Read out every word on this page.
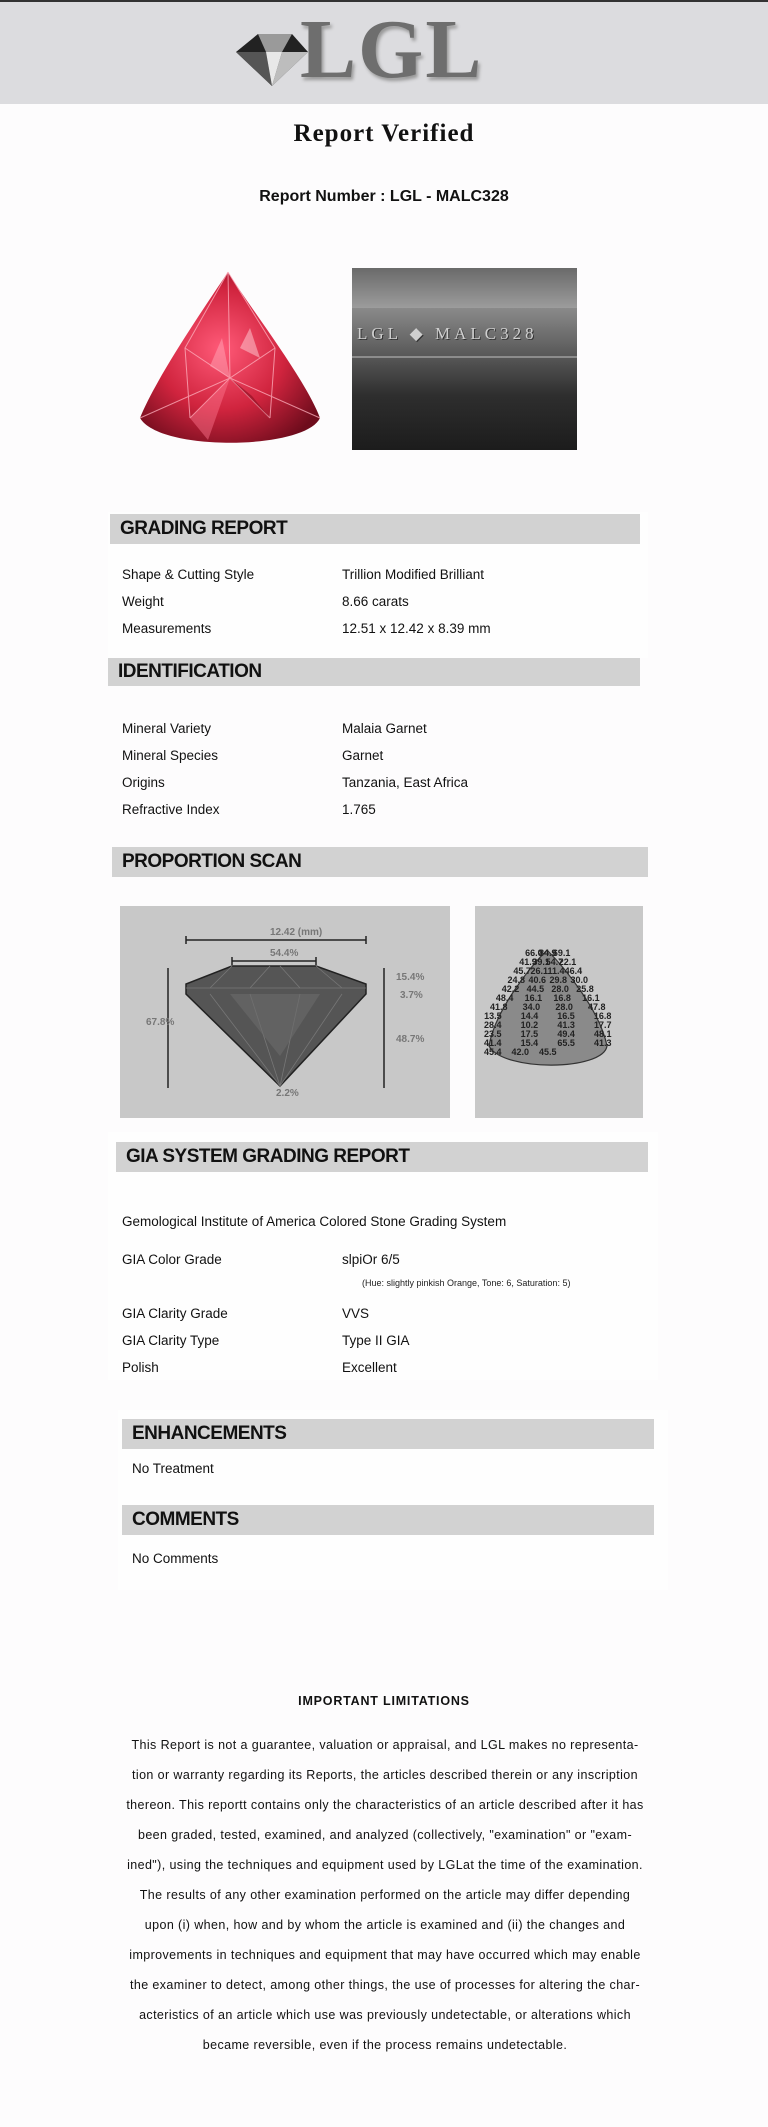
LGL
Report Verified
Report Number : LGL - MALC328
LGL ◆ MALC328
GRADING REPORT
Shape & Cutting Style	Trillion Modified Brilliant
Weight	8.66 carats
Measurements	12.51 x 12.42 x 8.39 mm
IDENTIFICATION
Mineral Variety	Malaia Garnet
Mineral Species	Garnet
Origins	Tanzania, East Africa
Refractive Index	1.765
PROPORTION SCAN
12.42 (mm)
54.4%
67.8%
15.4%
3.7%
48.7%
2.2%
66.0
84.9
69.1
41.9
39.1
54.7
22.1
45.7 26.1 11.4 46.4
24.8 40.6 29.8 30.0
42.2 44.5 28.0 25.8
48.4 16.1 16.8 16.1
41.8 34.0 28.0 47.8
13.5 14.4 16.5 16.8
28.4 10.2 41.3 17.7
23.5 17.5 49.4 48.1
41.4 15.4 65.5 41.3
45.4 42.0 45.5
GIA SYSTEM GRADING REPORT
Gemological Institute of America Colored Stone Grading System
GIA Color Grade	slpiOr 6/5
(Hue: slightly pinkish Orange, Tone: 6, Saturation: 5)
GIA Clarity Grade	VVS
GIA Clarity Type	Type II GIA
Polish	Excellent
ENHANCEMENTS
No Treatment
COMMENTS
No Comments
IMPORTANT LIMITATIONS
This Report is not a guarantee, valuation or appraisal, and LGL makes no representa-
tion or warranty regarding its Reports, the articles described therein or any inscription
thereon. This reportt contains only the characteristics of an article described after it has
been graded, tested, examined, and analyzed (collectively, "examination" or "exam-
ined"), using the techniques and equipment used by LGLat the time of the examination.
The results of any other examination performed on the article may differ depending
upon (i) when, how and by whom the article is examined and (ii) the changes and
improvements in techniques and equipment that may have occurred which may enable
the examiner to detect, among other things, the use of processes for altering the char-
acteristics of an article which use was previously undetectable, or alterations which
became reversible, even if the process remains undetectable.
